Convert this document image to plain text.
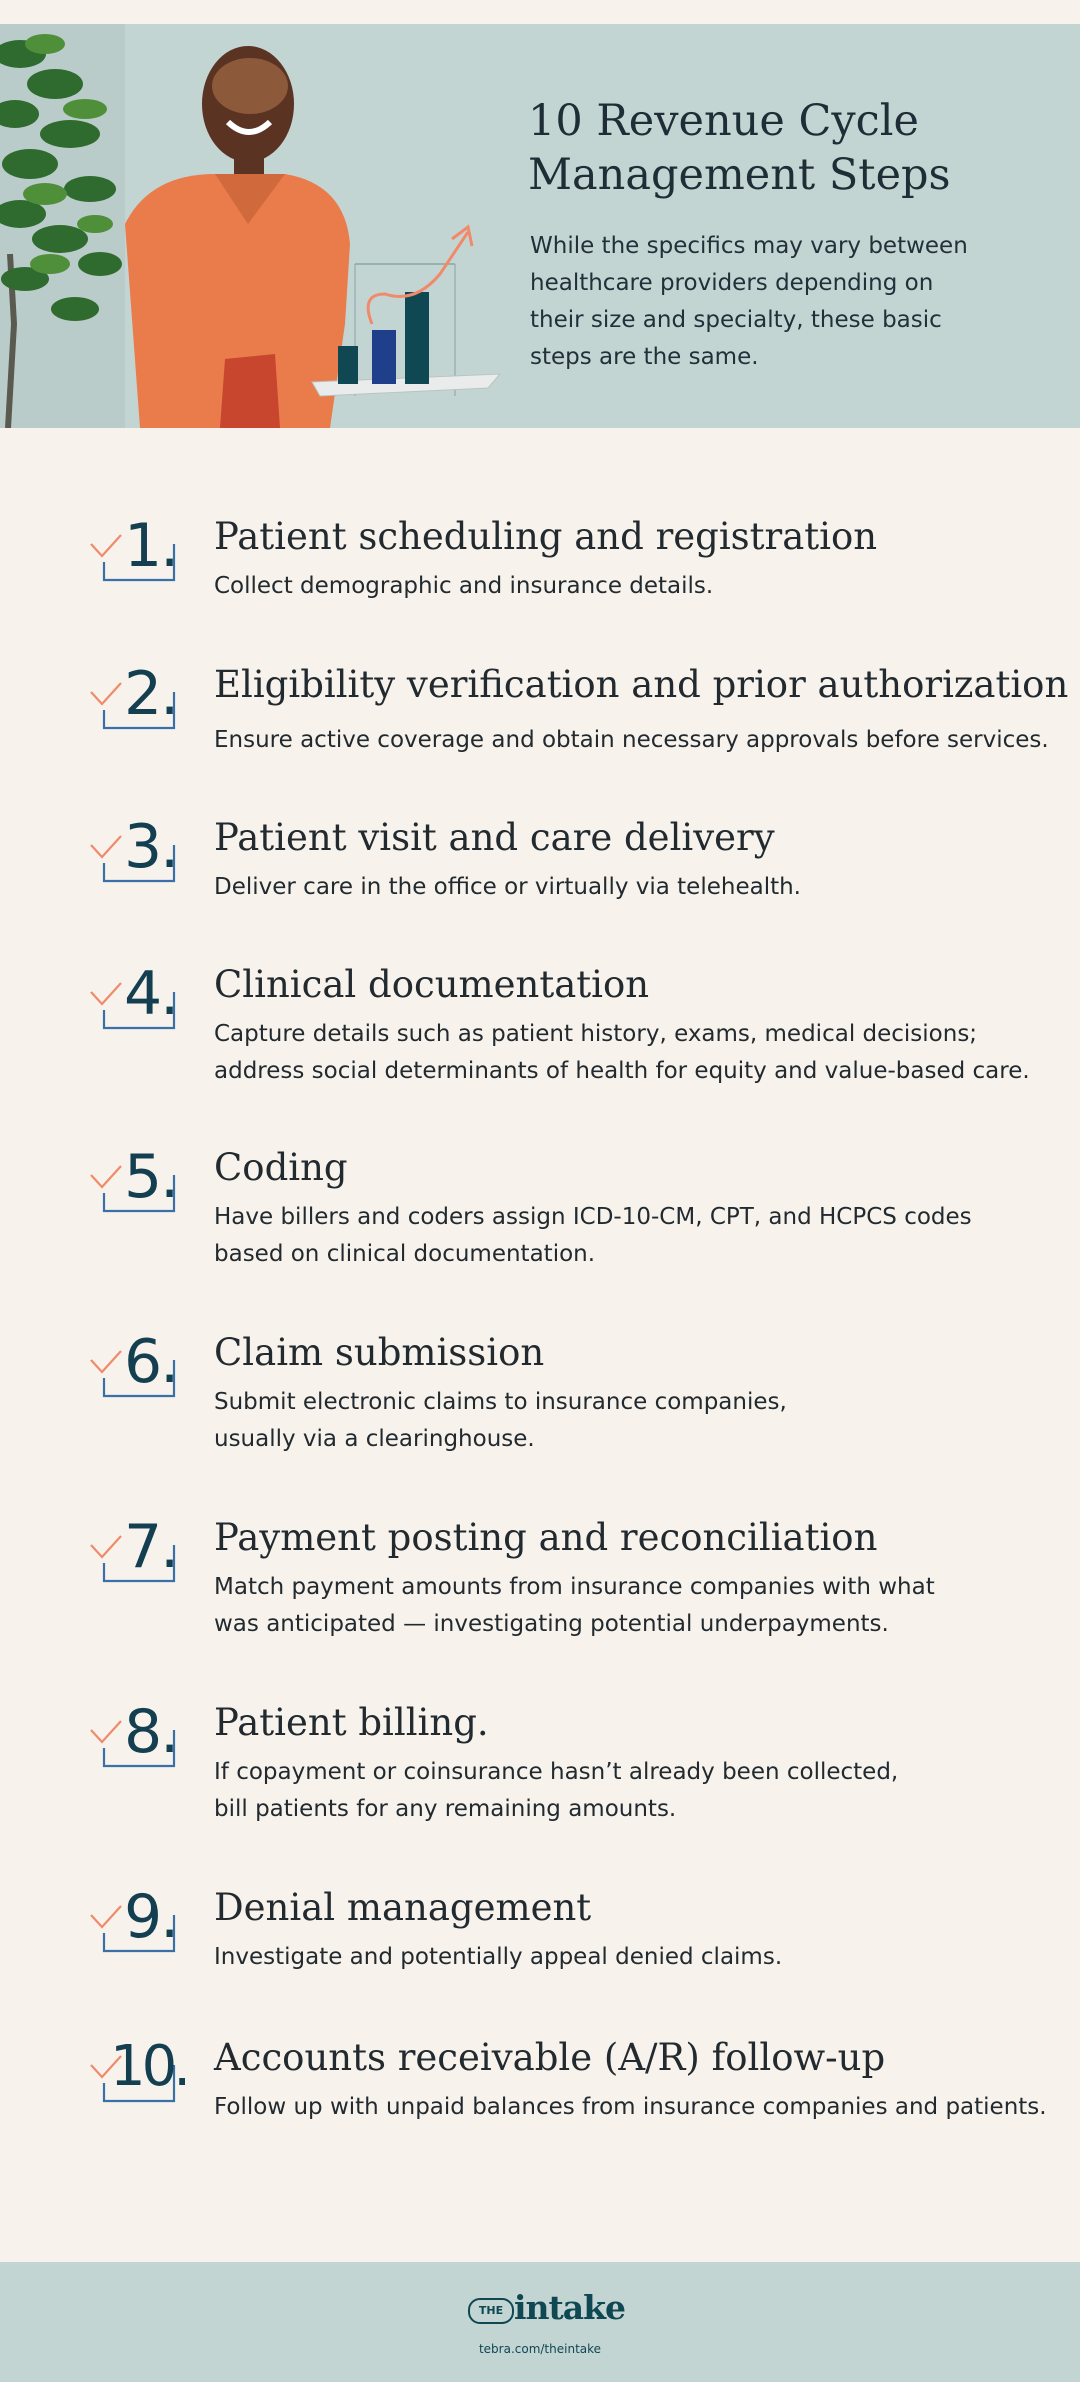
10 Revenue Cycle
Management Steps

While the specifics may vary between healthcare providers depending on their size and specialty, these basic steps are the same.

1. Patient scheduling and registration

Collect demographic and insurance details.

2. Eligibility verification and prior authorization

Ensure active coverage and obtain necessary approvals before services.

3. Patient visit and care delivery

Deliver care in the office or virtually via telehealth.

4. Clinical documentation

Capture details such as patient history, exams, medical decisions;
address social determinants of health for equity and value-based care.

5. Coding

Have billers and coders assign ICD-10-CM, CPT, and HCPCS codes
based on clinical documentation.

6. Claim submission

Submit electronic claims to insurance companies,
usually via a clearinghouse.

7. Payment posting and reconciliation

Match payment amounts from insurance companies with what
was anticipated — investigating potential underpayments.

8. Patient billing.

If copayment or coinsurance hasn’t already been collected,
bill patients for any remaining amounts.

9. Denial management

Investigate and potentially appeal denied claims.

10. Accounts receivable (A/R) follow-up

Follow up with unpaid balances from insurance companies and patients.

THE intake
tebra.com/theintake
